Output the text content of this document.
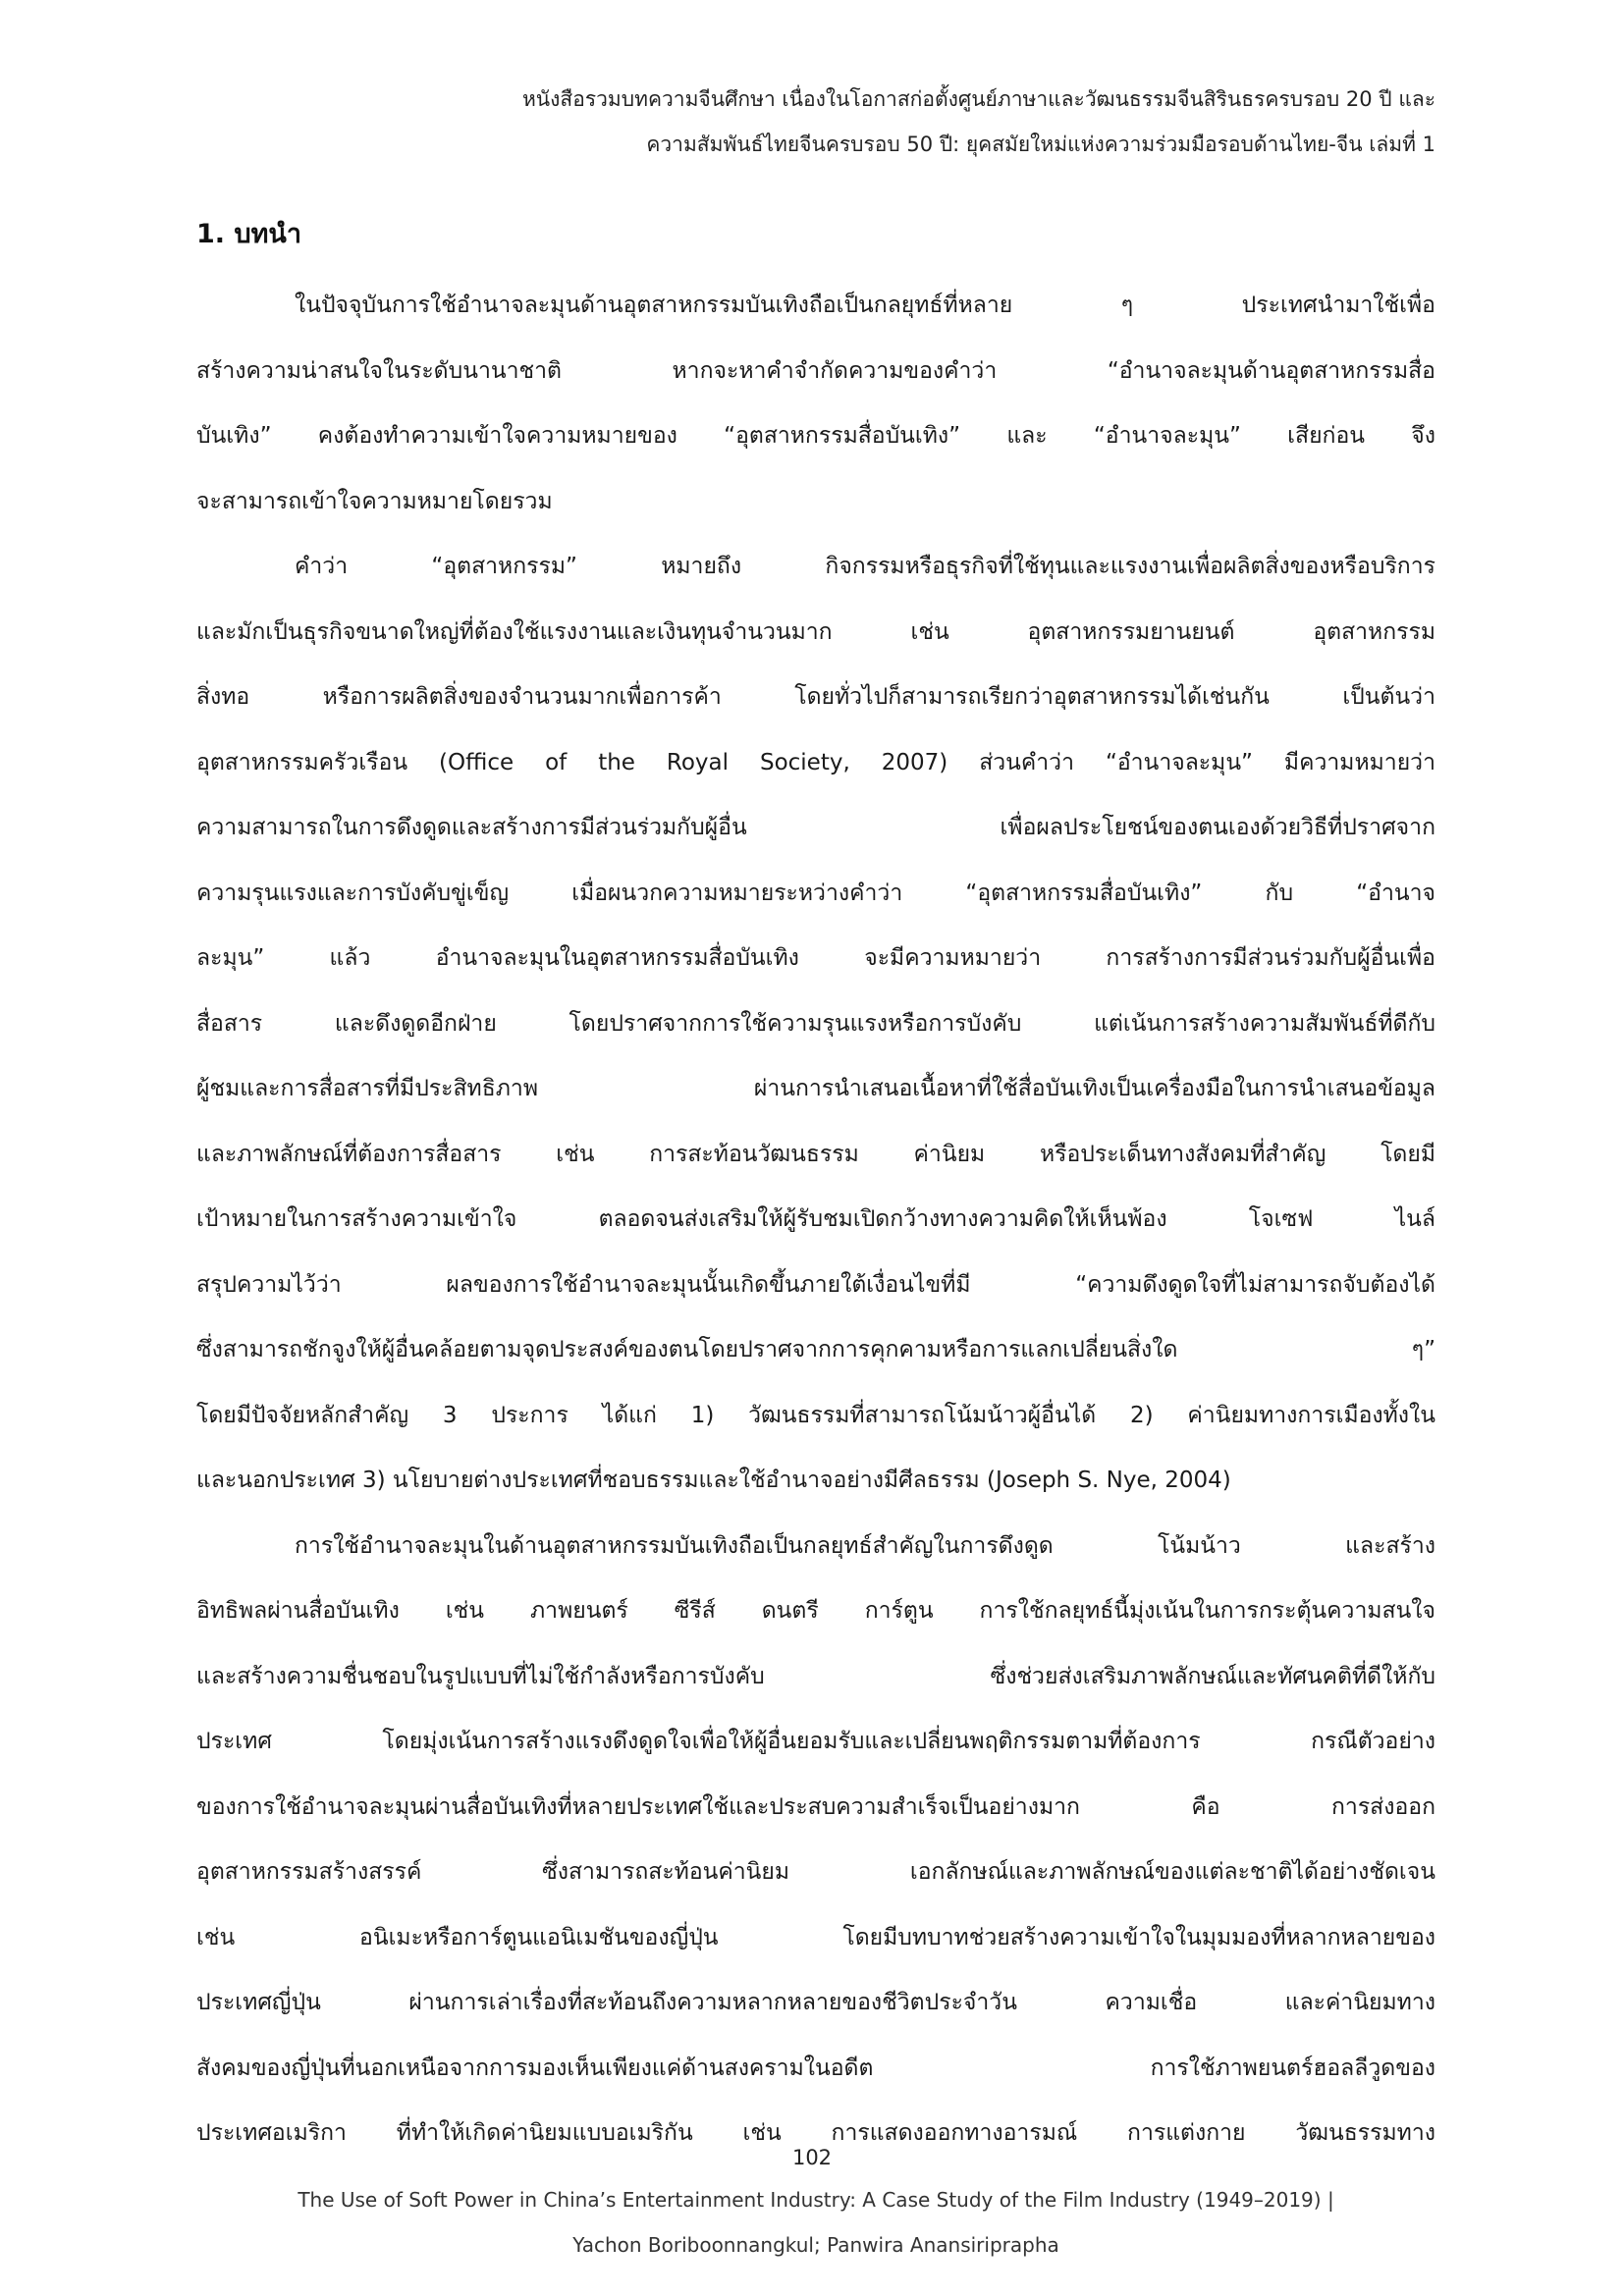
หนังสือรวมบทความจีนศึกษา เนื่องในโอกาสก่อตั้งศูนย์ภาษาและวัฒนธรรมจีนสิรินธรครบรอบ 20 ปี และ
ความสัมพันธ์ไทยจีนครบรอบ 50 ปี: ยุคสมัยใหม่แห่งความร่วมมือรอบด้านไทย-จีน เล่มที่ 1
1. บทนำ
ในปัจจุบันการใช้อำนาจละมุนด้านอุตสาหกรรมบันเทิงถือเป็นกลยุทธ์ที่หลาย ๆ ประเทศนำมาใช้เพื่อ
สร้างความน่าสนใจในระดับนานาชาติ หากจะหาคำจำกัดความของคำว่า “อำนาจละมุนด้านอุตสาหกรรมสื่อ
บันเทิง” คงต้องทำความเข้าใจความหมายของ “อุตสาหกรรมสื่อบันเทิง” และ “อำนาจละมุน” เสียก่อน จึง
จะสามารถเข้าใจความหมายโดยรวม
คำว่า “อุตสาหกรรม” หมายถึง กิจกรรมหรือธุรกิจที่ใช้ทุนและแรงงานเพื่อผลิตสิ่งของหรือบริการ
และมักเป็นธุรกิจขนาดใหญ่ที่ต้องใช้แรงงานและเงินทุนจำนวนมาก เช่น อุตสาหกรรมยานยนต์ อุตสาหกรรม
สิ่งทอ หรือการผลิตสิ่งของจำนวนมากเพื่อการค้า โดยทั่วไปก็สามารถเรียกว่าอุตสาหกรรมได้เช่นกัน เป็นต้นว่า
อุตสาหกรรมครัวเรือน (Office of the Royal Society, 2007) ส่วนคำว่า “อำนาจละมุน” มีความหมายว่า
ความสามารถในการดึงดูดและสร้างการมีส่วนร่วมกับผู้อื่น เพื่อผลประโยชน์ของตนเองด้วยวิธีที่ปราศจาก
ความรุนแรงและการบังคับขู่เข็ญ เมื่อผนวกความหมายระหว่างคำว่า “อุตสาหกรรมสื่อบันเทิง” กับ “อำนาจ
ละมุน” แล้ว อำนาจละมุนในอุตสาหกรรมสื่อบันเทิง จะมีความหมายว่า การสร้างการมีส่วนร่วมกับผู้อื่นเพื่อ
สื่อสาร และดึงดูดอีกฝ่าย โดยปราศจากการใช้ความรุนแรงหรือการบังคับ แต่เน้นการสร้างความสัมพันธ์ที่ดีกับ
ผู้ชมและการสื่อสารที่มีประสิทธิภาพ ผ่านการนำเสนอเนื้อหาที่ใช้สื่อบันเทิงเป็นเครื่องมือในการนำเสนอข้อมูล
และภาพลักษณ์ที่ต้องการสื่อสาร เช่น การสะท้อนวัฒนธรรม ค่านิยม หรือประเด็นทางสังคมที่สำคัญ โดยมี
เป้าหมายในการสร้างความเข้าใจ ตลอดจนส่งเสริมให้ผู้รับชมเปิดกว้างทางความคิดให้เห็นพ้อง โจเซฟ ไนล์
สรุปความไว้ว่า ผลของการใช้อำนาจละมุนนั้นเกิดขึ้นภายใต้เงื่อนไขที่มี “ความดึงดูดใจที่ไม่สามารถจับต้องได้
ซึ่งสามารถชักจูงให้ผู้อื่นคล้อยตามจุดประสงค์ของตนโดยปราศจากการคุกคามหรือการแลกเปลี่ยนสิ่งใด ๆ”
โดยมีปัจจัยหลักสำคัญ 3 ประการ ได้แก่ 1) วัฒนธรรมที่สามารถโน้มน้าวผู้อื่นได้ 2) ค่านิยมทางการเมืองทั้งใน
และนอกประเทศ 3) นโยบายต่างประเทศที่ชอบธรรมและใช้อำนาจอย่างมีศีลธรรม (Joseph S. Nye, 2004)
การใช้อำนาจละมุนในด้านอุตสาหกรรมบันเทิงถือเป็นกลยุทธ์สำคัญในการดึงดูด โน้มน้าว และสร้าง
อิทธิพลผ่านสื่อบันเทิง เช่น ภาพยนตร์ ซีรีส์ ดนตรี การ์ตูน การใช้กลยุทธ์นี้มุ่งเน้นในการกระตุ้นความสนใจ
และสร้างความชื่นชอบในรูปแบบที่ไม่ใช้กำลังหรือการบังคับ ซึ่งช่วยส่งเสริมภาพลักษณ์และทัศนคติที่ดีให้กับ
ประเทศ โดยมุ่งเน้นการสร้างแรงดึงดูดใจเพื่อให้ผู้อื่นยอมรับและเปลี่ยนพฤติกรรมตามที่ต้องการ กรณีตัวอย่าง
ของการใช้อำนาจละมุนผ่านสื่อบันเทิงที่หลายประเทศใช้และประสบความสำเร็จเป็นอย่างมาก คือ การส่งออก
อุตสาหกรรมสร้างสรรค์ ซึ่งสามารถสะท้อนค่านิยม เอกลักษณ์และภาพลักษณ์ของแต่ละชาติได้อย่างชัดเจน
เช่น อนิเมะหรือการ์ตูนแอนิเมชันของญี่ปุ่น โดยมีบทบาทช่วยสร้างความเข้าใจในมุมมองที่หลากหลายของ
ประเทศญี่ปุ่น ผ่านการเล่าเรื่องที่สะท้อนถึงความหลากหลายของชีวิตประจำวัน ความเชื่อ และค่านิยมทาง
สังคมของญี่ปุ่นที่นอกเหนือจากการมองเห็นเพียงแค่ด้านสงครามในอดีต การใช้ภาพยนตร์ฮอลลีวูดของ
ประเทศอเมริกา ที่ทำให้เกิดค่านิยมแบบอเมริกัน เช่น การแสดงออกทางอารมณ์ การแต่งกาย วัฒนธรรมทาง
102
The Use of Soft Power in China’s Entertainment Industry: A Case Study of the Film Industry (1949–2019) |
Yachon Boriboonnangkul; Panwira Anansiriprapha
